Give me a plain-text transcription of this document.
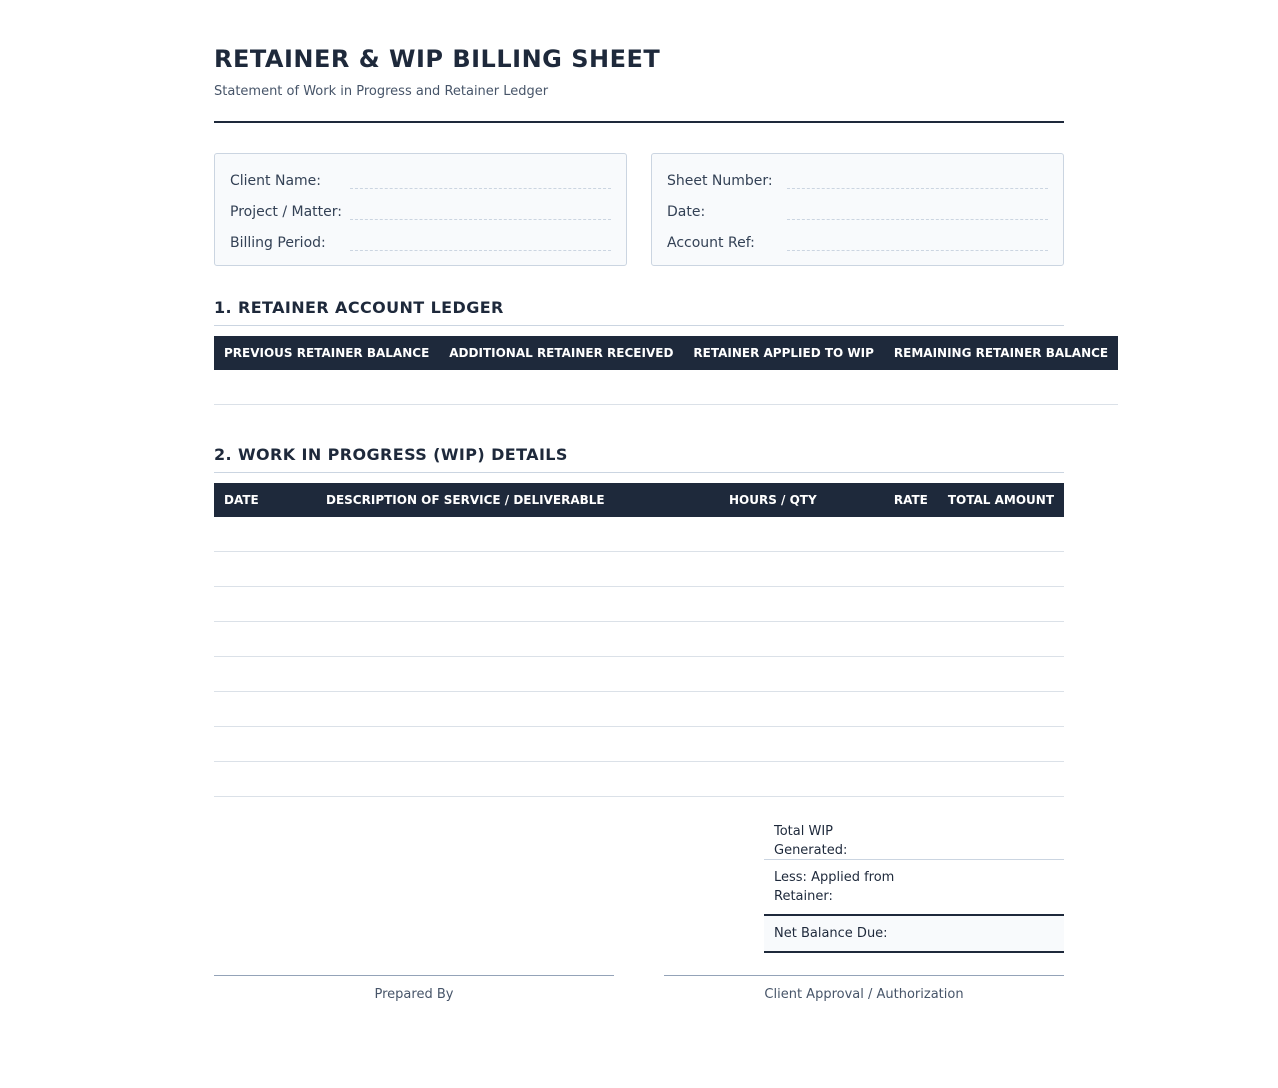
RETAINER & WIP BILLING SHEET
Statement of Work in Progress and Retainer Ledger
Client Name:
Project / Matter:
Billing Period:
Sheet Number:
Date:
Account Ref:
1. RETAINER ACCOUNT LEDGER
PREVIOUS RETAINER BALANCE	ADDITIONAL RETAINER RECEIVED	RETAINER APPLIED TO WIP	REMAINING RETAINER BALANCE

2. WORK IN PROGRESS (WIP) DETAILS
DATE	DESCRIPTION OF SERVICE / DELIVERABLE	HOURS / QTY	RATE	TOTAL AMOUNT

Total WIP Generated:
Less: Applied from Retainer:
Net Balance Due:
Prepared By	Client Approval / Authorization
